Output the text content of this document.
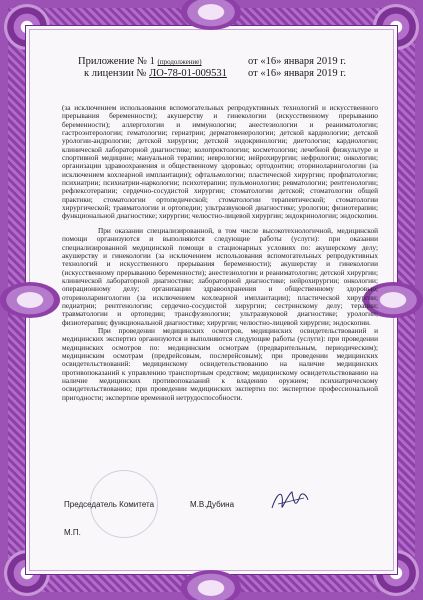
Приложение № 1 (продолжение)	от «16» января 2019 г.
к лицензии № ЛО-78-01-009531 от «16» января 2019 г.

(за исключением использования вспомогательных репродуктивных технологий и искусственного прерывания беременности); акушерству и гинекологии (искусственному прерыванию беременности); аллергологии и иммунологии; анестезиологии и реаниматологии; гастроэнтерологии; гематологии; гериатрии; дерматовенерологии; детской кардиологии; детской урологии-андрологии; детской хирургии; детской эндокринологии; диетологии; кардиологии; клинической лабораторной диагностике; колопроктологии; косметологии; лечебной физкультуре и спортивной медицине; мануальной терапии; неврологии; нейрохирургии; нефрологии; онкологии; организации здравоохранения и общественному здоровью; ортодонтии; оториноларингологии (за исключением кохлеарной имплантации); офтальмологии; пластической хирургии; профпатологии; психиатрии; психиатрии-наркологии; психотерапии; пульмонологии; ревматологии; рентгенологии; рефлексотерапии; сердечно-сосудистой хирургии; стоматологии детской; стоматологии общей практики; стоматологии ортопедической; стоматологии терапевтической; стоматологии хирургической; травматологии и ортопедии; ультразвуковой диагностике; урологии; физиотерапии; функциональной диагностике; хирургии; челюстно-лицевой хирургии; эндокринологии; эндоскопии.

При оказании специализированной, в том числе высокотехнологичной, медицинской помощи организуются и выполняются следующие работы (услуги): при оказании специализированной медицинской помощи в стационарных условиях по: акушерскому делу; акушерству и гинекологии (за исключением использования вспомогательных репродуктивных технологий и искусственного прерывания беременности); акушерству и гинекологии (искусственному прерыванию беременности); анестезиологии и реаниматологии; детской хирургии; клинической лабораторной диагностике; лабораторной диагностике; нейрохирургии; онкологии; операционному делу; организации здравоохранения и общественному здоровью; оториноларингологии (за исключением кохлеарной имплантации); пластической хирургии; педиатрии; рентгенологии; сердечно-сосудистой хирургии; сестринскому делу; терапии; травматологии и ортопедии; трансфузиологии; ультразвуковой диагностике; урологии; физиотерапии; функциональной диагностике; хирургии; челюстно-лицевой хирургии; эндоскопии.

При проведении медицинских осмотров, медицинских освидетельствований и медицинских экспертиз организуются и выполняются следующие работы (услуги): при проведении медицинских осмотров по: медицинским осмотрам (предварительным, периодическим); медицинским осмотрам (предрейсовым, послерейсовым); при проведении медицинских освидетельствований: медицинскому освидетельствованию на наличие медицинских противопоказаний к управлению транспортным средством; медицинскому освидетельствованию на наличие медицинских противопоказаний к владению оружием; психиатрическому освидетельствованию; при проведении медицинских экспертиз по: экспертизе профессиональной пригодности; экспертизе временной нетрудоспособности.

Председатель Комитета	М.В.Дубина
М.П.
